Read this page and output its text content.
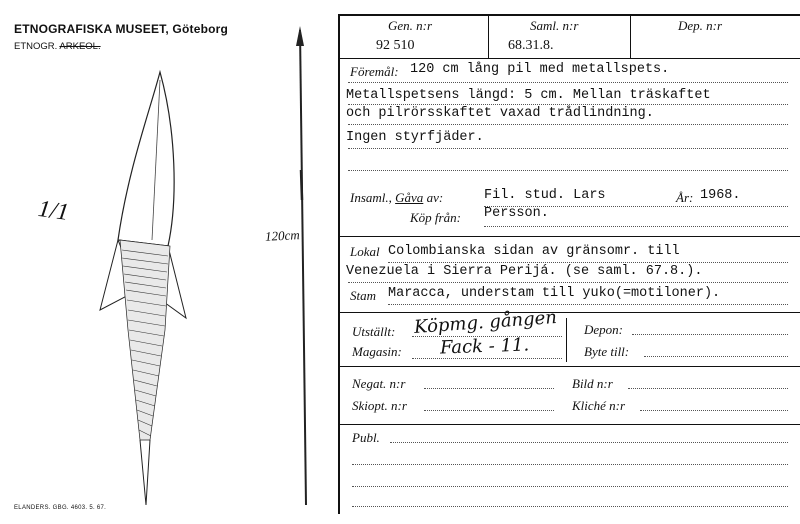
ETNOGRAFISKA MUSEET, Göteborg
ETNOGR. ARKEOL.
1/1
120cm
ELANDERS. GBG. 4603. 5. 67.
Gen. n:r
92 510
Saml. n:r
68.31.8.
Dep. n:r
Föremål: 120 cm lång pil med metallspets.
Metallspetsens längd: 5 cm. Mellan träskaftet
och pilrörsskaftet vaxad trådlindning.
Ingen styrfjäder.
Insaml., Gåva av:	Fil. stud. Lars	År: 1968.
Köp från: Persson.
Lokal Colombianska sidan av gränsomr. till
Venezuela i Sierra Perijá. (se saml. 67.8.).
Stam Maracca, understam till yuko(=motiloner).
Utställt: Köpmg. gången
Magasin: Fack - 11.
Depon:
Byte till:
Negat. n:r	Bild n:r
Skiopt. n:r	Kliché n:r
Publ.
